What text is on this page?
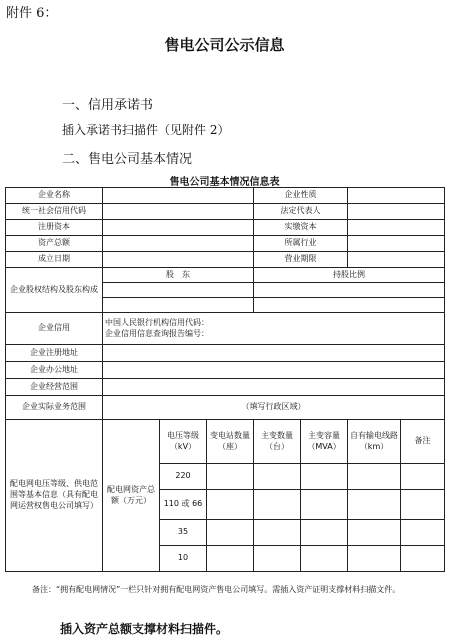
附件 6：
售电公司公示信息
一、信用承诺书
插入承诺书扫描件（见附件 2）
二、售电公司基本情况
售电公司基本情况信息表
企业名称				企业性质			
统一社会信用代码				法定代表人			
注册资本				实缴资本			
资产总额				所属行业			
成立日期				营业期限			
企业股权结构及股东构成	股　东			持股比例			

企业信用	中国人民银行机构信用代码：
企业信用信息查询报告编号：						

企业注册地址							
企业办公地址							
企业经营范围							
企业实际业务范围	（填写行政区域）						
配电网电压等级、供电范围等基本信息（具有配电网运营权售电公司填写）	配电网资产总额（万元）	电压等级（kV）	变电站数量（座）	主变数量（台）	主变容量（MVA）	自有输电线路（km）	备注
		220					
		110 或 66					
		35					
		10					
备注：“拥有配电网情况”一栏只针对拥有配电网资产售电公司填写。需插入资产证明支撑材料扫描文件。
插入资产总额支撑材料扫描件。
